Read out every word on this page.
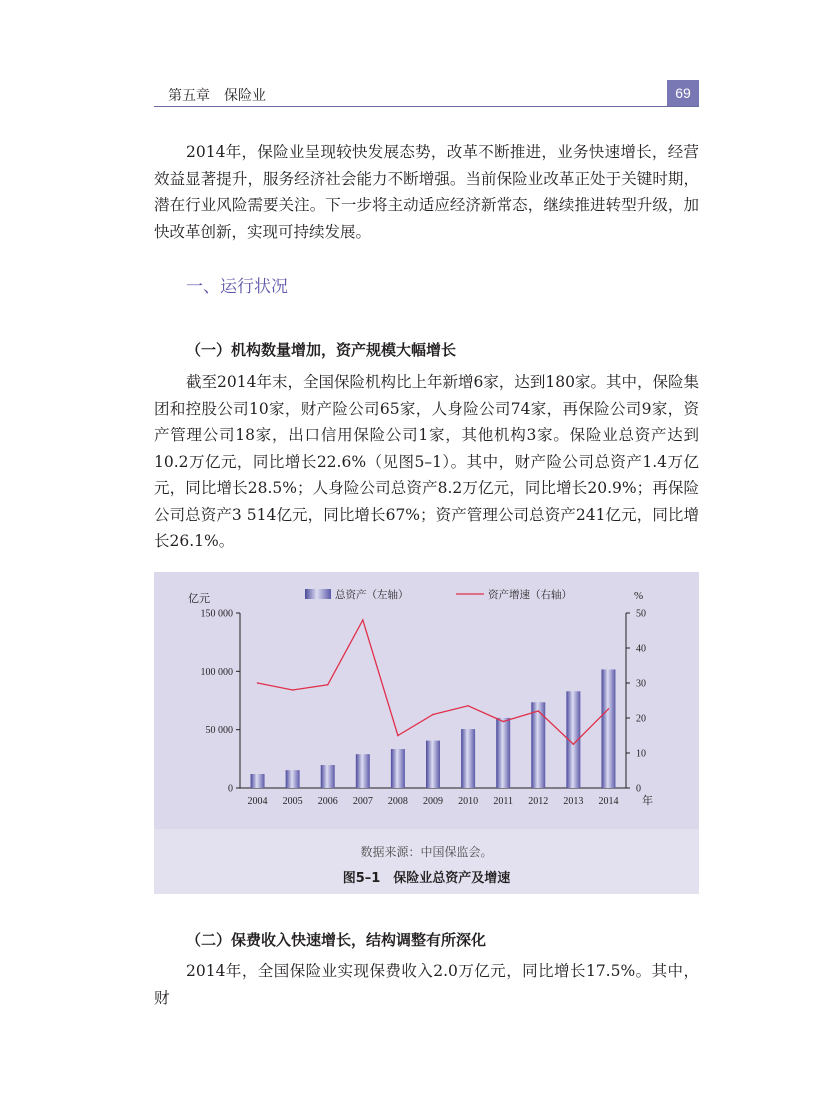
第五章　保险业	69

2014年，保险业呈现较快发展态势，改革不断推进，业务快速增长，经营效益显著提升，服务经济社会能力不断增强。当前保险业改革正处于关键时期，潜在行业风险需要关注。下一步将主动适应经济新常态，继续推进转型升级，加快改革创新，实现可持续发展。

一、运行状况
（一）机构数量增加，资产规模大幅增长

截至2014年末，全国保险机构比上年新增6家，达到180家。其中，保险集团和控股公司10家，财产险公司65家，人身险公司74家，再保险公司9家，资产管理公司18家，出口信用保险公司1家，其他机构3家。保险业总资产达到10.2万亿元，同比增长22.6%（见图5–1）。其中，财产险公司总资产1.4万亿元，同比增长28.5%；人身险公司总资产8.2万亿元，同比增长20.9%；再保险公司总资产3 514亿元，同比增长67%；资产管理公司总资产241亿元，同比增长26.1%。

0
50 000
100 000
150 000
亿元
0
10
20
30
40
50
%
2004 2005 2006 2007 2008 2009 2010 2011 2012 2013 2014 年
总资产（左轴）	资产增速（右轴）
数据来源：中国保监会。
图5–1　保险业总资产及增速
（二）保费收入快速增长，结构调整有所深化

2014年，全国保险业实现保费收入2.0万亿元，同比增长17.5%。其中，财
